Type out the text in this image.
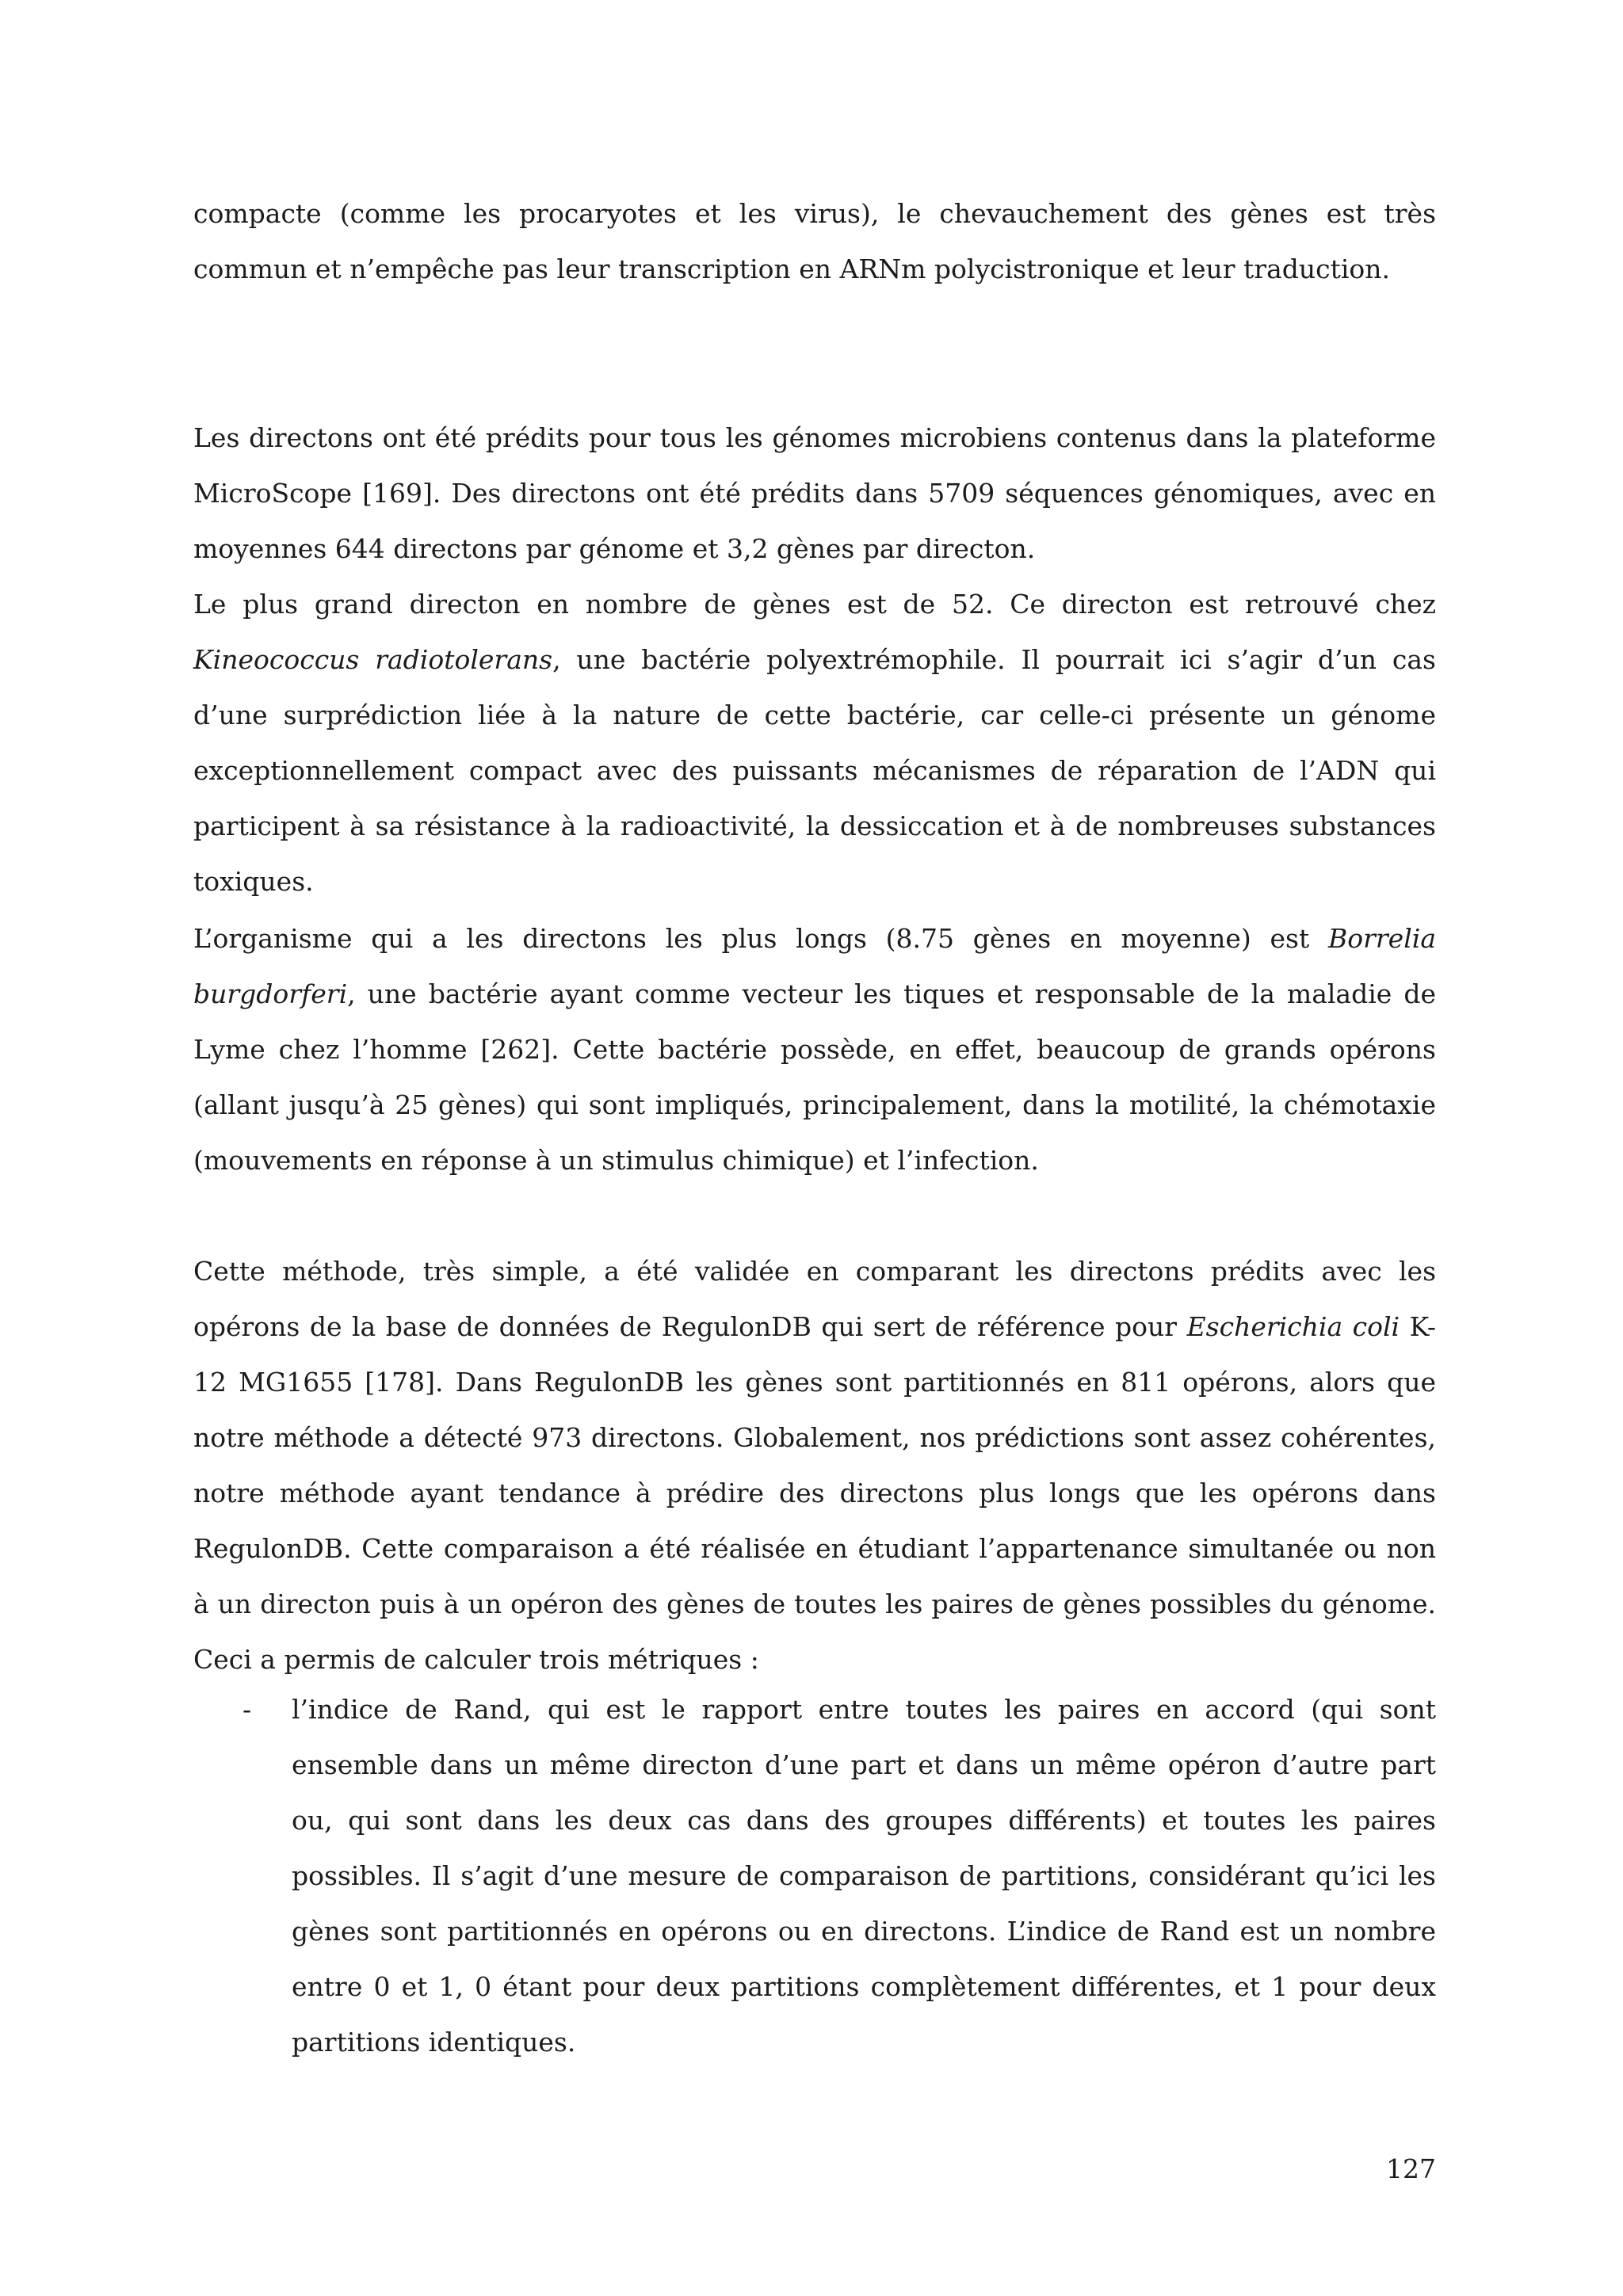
compacte (comme les procaryotes et les virus), le chevauchement des gènes est très commun et n’empêche pas leur transcription en ARNm polycistronique et leur traduction.

Les directons ont été prédits pour tous les génomes microbiens contenus dans la plateforme MicroScope [169]. Des directons ont été prédits dans 5709 séquences génomiques, avec en moyennes 644 directons par génome et 3,2 gènes par directon.

Le plus grand directon en nombre de gènes est de 52. Ce directon est retrouvé chez Kineococcus radiotolerans, une bactérie polyextrémophile. Il pourrait ici s’agir d’un cas d’une surprédiction liée à la nature de cette bactérie, car celle-ci présente un génome exceptionnellement compact avec des puissants mécanismes de réparation de l’ADN qui participent à sa résistance à la radioactivité, la dessiccation et à de nombreuses substances toxiques.

L’organisme qui a les directons les plus longs (8.75 gènes en moyenne) est Borrelia burgdorferi, une bactérie ayant comme vecteur les tiques et responsable de la maladie de Lyme chez l’homme [262]. Cette bactérie possède, en effet, beaucoup de grands opérons (allant jusqu’à 25 gènes) qui sont impliqués, principalement, dans la motilité, la chémotaxie (mouvements en réponse à un stimulus chimique) et l’infection.

Cette méthode, très simple, a été validée en comparant les directons prédits avec les opérons de la base de données de RegulonDB qui sert de référence pour Escherichia coli K-12 MG1655 [178]. Dans RegulonDB les gènes sont partitionnés en 811 opérons, alors que notre méthode a détecté 973 directons. Globalement, nos prédictions sont assez cohérentes, notre méthode ayant tendance à prédire des directons plus longs que les opérons dans RegulonDB. Cette comparaison a été réalisée en étudiant l’appartenance simultanée ou non à un directon puis à un opéron des gènes de toutes les paires de gènes possibles du génome. Ceci a permis de calculer trois métriques :

- l’indice de Rand, qui est le rapport entre toutes les paires en accord (qui sont ensemble dans un même directon d’une part et dans un même opéron d’autre part ou, qui sont dans les deux cas dans des groupes différents) et toutes les paires possibles. Il s’agit d’une mesure de comparaison de partitions, considérant qu’ici les gènes sont partitionnés en opérons ou en directons. L’indice de Rand est un nombre entre 0 et 1, 0 étant pour deux partitions complètement différentes, et 1 pour deux partitions identiques.
127
